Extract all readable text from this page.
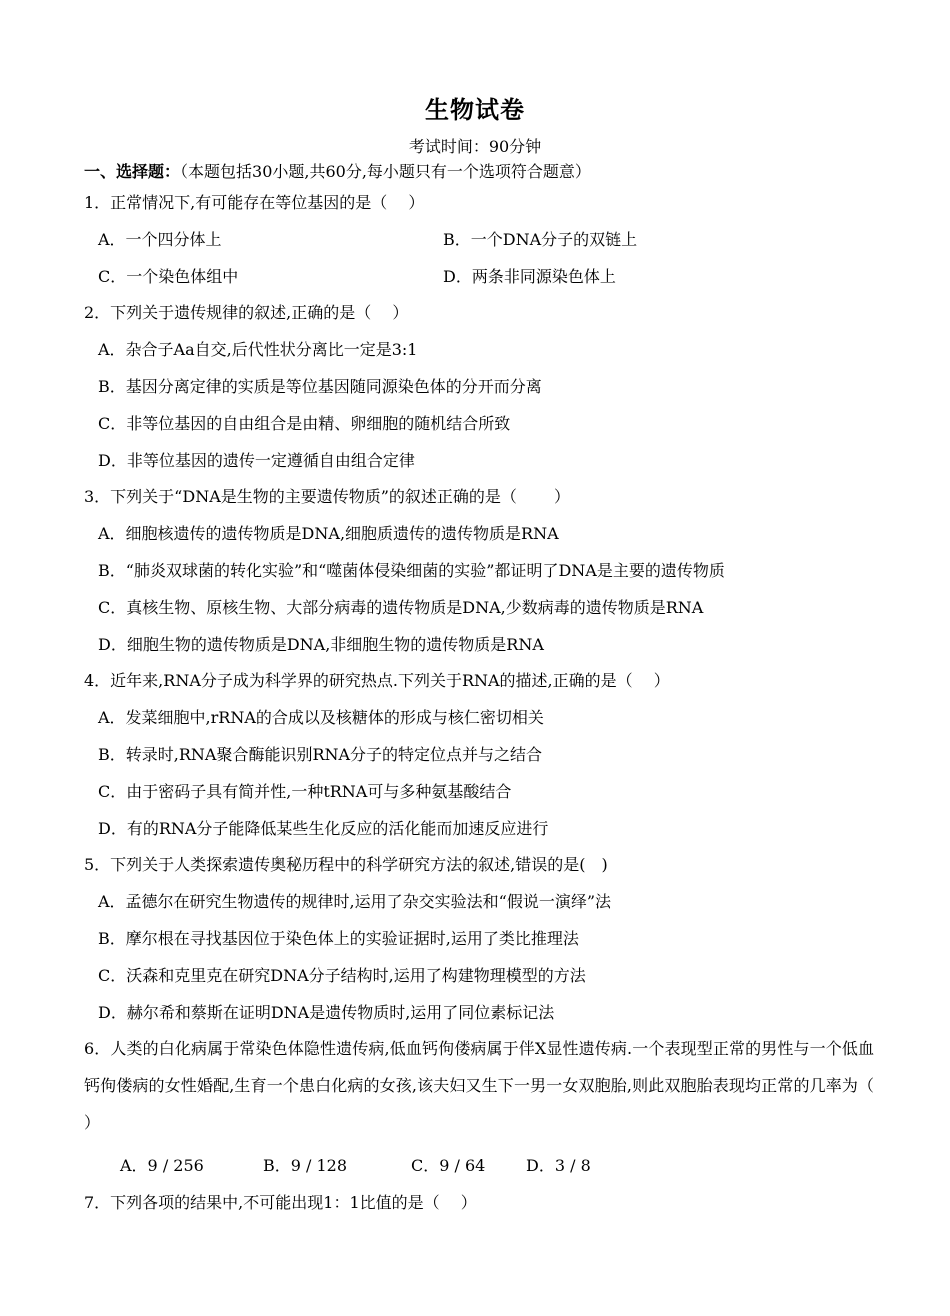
生物试卷
考试时间：90分钟
一、选择题：（本题包括30小题,共60分,每小题只有一个选项符合题意）
1．正常情况下,有可能存在等位基因的是（　 ）
A．一个四分体上	B．一个DNA分子的双链上
C．一个染色体组中	D．两条非同源染色体上
2．下列关于遗传规律的叙述,正确的是（　 ）
A．杂合子Aa自交,后代性状分离比一定是3:1
B．基因分离定律的实质是等位基因随同源染色体的分开而分离
C．非等位基因的自由组合是由精、卵细胞的随机结合所致
D．非等位基因的遗传一定遵循自由组合定律
3．下列关于“DNA是生物的主要遗传物质”的叙述正确的是（　　 ）
A．细胞核遗传的遗传物质是DNA,细胞质遗传的遗传物质是RNA
B．“肺炎双球菌的转化实验”和“噬菌体侵染细菌的实验”都证明了DNA是主要的遗传物质
C．真核生物、原核生物、大部分病毒的遗传物质是DNA,少数病毒的遗传物质是RNA
D．细胞生物的遗传物质是DNA,非细胞生物的遗传物质是RNA
4．近年来,RNA分子成为科学界的研究热点.下列关于RNA的描述,正确的是（　 ）
A．发菜细胞中,rRNA的合成以及核糖体的形成与核仁密切相关
B．转录时,RNA聚合酶能识别RNA分子的特定位点并与之结合
C．由于密码子具有简并性,一种tRNA可与多种氨基酸结合
D．有的RNA分子能降低某些生化反应的活化能而加速反应进行
5．下列关于人类探索遗传奥秘历程中的科学研究方法的叙述,错误的是(　)
A．孟德尔在研究生物遗传的规律时,运用了杂交实验法和“假说一演绎”法
B．摩尔根在寻找基因位于染色体上的实验证据时,运用了类比推理法
C．沃森和克里克在研究DNA分子结构时,运用了构建物理模型的方法
D．赫尔希和蔡斯在证明DNA是遗传物质时,运用了同位素标记法
6．人类的白化病属于常染色体隐性遗传病,低血钙佝偻病属于伴X显性遗传病.一个表现型正常的男性与一个低血钙佝偻病的女性婚配,生育一个患白化病的女孩,该夫妇又生下一男一女双胞胎,则此双胞胎表现均正常的几率为（　　 ）
A．9 / 256	B．9 / 128	C．9 / 64	D．3 / 8
7．下列各项的结果中,不可能出现1：1比值的是（　 ）
